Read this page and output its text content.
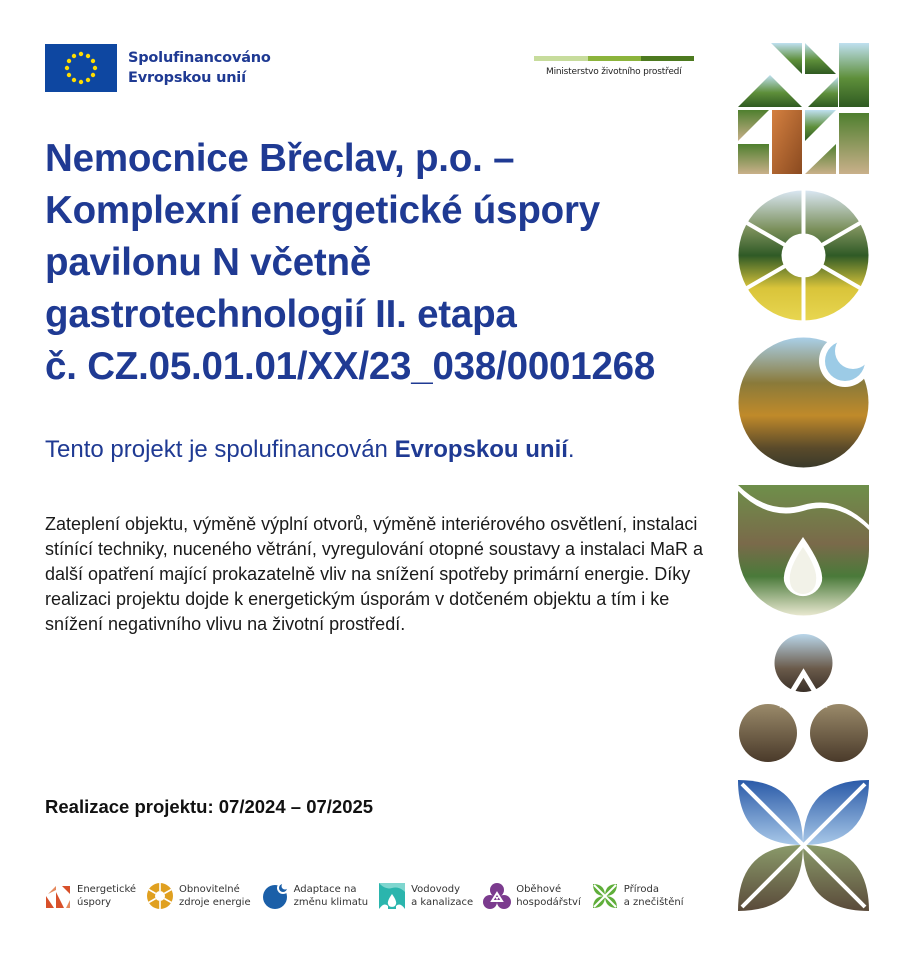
Spolufinancováno
Evropskou unií	Ministerstvo životního prostředí
Nemocnice Břeclav, p.o. –
Komplexní energetické úspory
pavilonu N včetně
gastrotechnologií II. etapa
č. CZ.05.01.01/XX/23_038/0001268
Tento projekt je spolufinancován Evropskou unií.
Zateplení objektu, výměně výplní otvorů, výměně interiérového osvětlení, instalaci stínící techniky, nuceného větrání, vyregulování otopné soustavy a instalaci MaR a další opatření mající prokazatelně vliv na snížení spotřeby primární energie. Díky realizaci projektu dojde k energetickým úsporám v dotčeném objektu a tím i ke snížení negativního vlivu na životní prostředí.
Realizace projektu: 07/2024 – 07/2025
Energetické
úspory
Obnovitelné
zdroje energie
Adaptace na
změnu klimatu
Vodovody
a kanalizace
Oběhové
hospodářství
Příroda
a znečištění
